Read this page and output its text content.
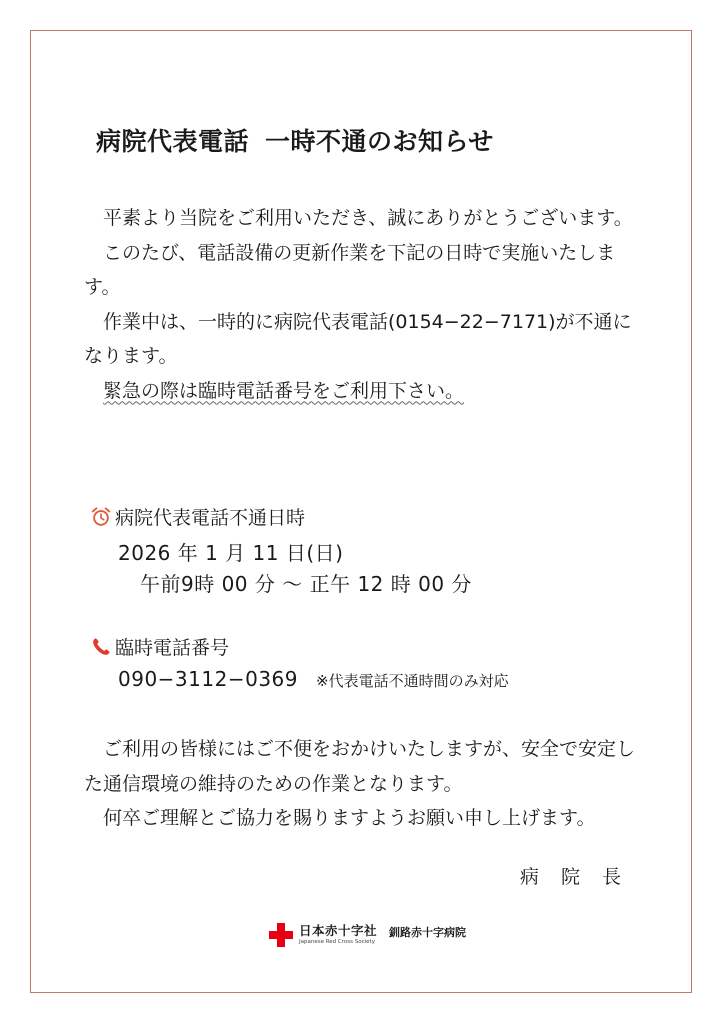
病院代表電話 一時不通のお知らせ

平素より当院をご利用いただき、誠にありがとうございます。

このたび、電話設備の更新作業を下記の日時で実施いたします。

作業中は、一時的に病院代表電話(0154−22−7171)が不通になります。

緊急の際は臨時電話番号をご利用下さい。

病院代表電話不通日時
2026 年 1 月 11 日(日)
午前9時 00 分 ～ 正午 12 時 00 分
臨時電話番号
090−3112−0369 ※代表電話不通時間のみ対応

ご利用の皆様にはご不便をおかけいたしますが、安全で安定した通信環境の維持のための作業となります。

何卒ご理解とご協力を賜りますようお願い申し上げます。

病 院 長
日本赤十字社
Japanese Red Cross Society
釧路赤十字病院
